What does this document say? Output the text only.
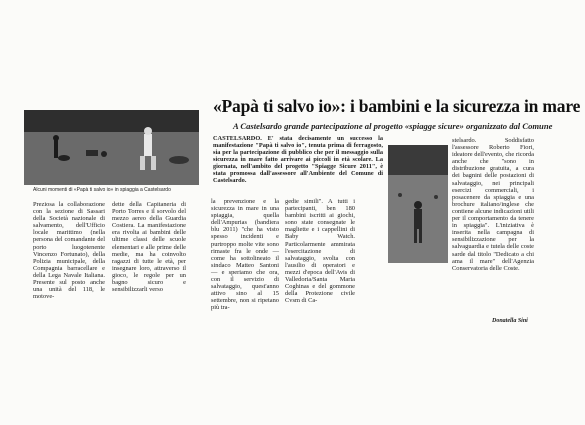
Alcuni momenti di «Papà ti salvo io» in spiaggia a Castelsardo
«Papà ti salvo io»: i bambini e la sicurezza in mare
A Castelsardo grande partecipazione al progetto «spiagge sicure» organizzato dal Comune
CASTELSARDO. E' stata decisamente un successo la manifestazione "Papà ti salvo io", tenuta prima di ferragosto, sia per la partecipazione di pubblico che per il messaggio sulla sicurezza in mare fatto arrivare ai piccoli in età scolare. La giornata, nell'ambito del progetto "Spiagge Sicure 2011", è stata promossa dall'assessore all'Ambiente del Comune di Castelsardo.
Preziosa la collaborazione con la sezione di Sassari della Società nazionale di salvamento, dell'Ufficio locale marittimo (nella persona del comandante del porto luogotenente Vincenzo Fortunato), della Polizia municipale, della Compagnia barracellare e della Lega Navale Italiana. Presente sul posto anche una unità del 118, le motove-
dette della Capitaneria di Porto Torres e il sorvolo del mezzo aereo della Guardia Costiera. La manifestazione era rivolta ai bambini delle ultime classi delle scuole elementari e alle prime delle medie, ma ha coinvolto ragazzi di tutte le età, per insegnare loro, attraverso il gioco, le regole per un bagno sicuro e sensibilizzarli verso
la prevenzione e la sicurezza in mare in una spiaggia, quella dell'Ampurias (bandiera blu 2011) "che ha visto spesso incidenti e purtroppo molte vite sono rimaste fra le onde — come ha sottolineato il sindaco Matteo Santoni — e speriamo che ora, con il servizio di salvataggio, quest'anno attivo sino al 15 settembre, non si ripetano più tra-
gedie simili". A tutti i partecipanti, ben 180 bambini iscritti ai giochi, sono state consegnate le magliette e i cappellini di Baby Watch. Particolarmente ammirata l'esercitazione di salvataggio, svolta con l'ausilio di operatori e mezzi d'epoca dell'Avis di Valledoria/Santa Maria Coghinas e del gommone della Protezione civile Cvsm di Ca-
stelsardo. Soddisfatto l'assessore Roberto Fiori, ideatore dell'evento, che ricorda anche che "sono in distribuzione gratuita, a cura dei bagnini delle postazioni di salvataggio, nei principali esercizi commerciali, i posacenere da spiaggia e una brochure italiano/inglese che contiene alcune indicazioni utili per il comportamento da tenere in spiaggia". L'iniziativa è inserita nella campagna di sensibilizzazione per la salvaguardia e tutela delle coste sarde dal titolo "Dedicato a chi ama il mare" dell'Agenzia Conservatoria delle Coste.
Donatella Sini
